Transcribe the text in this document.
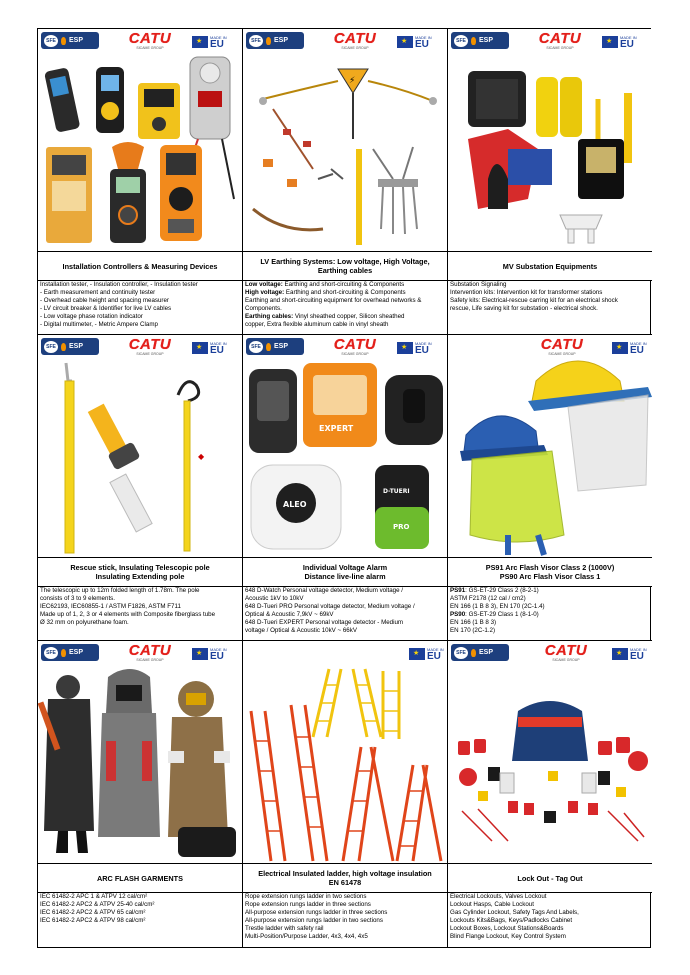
SFE	ESP	CATU
SICAME GROUP
★
MADE IN
EU
Installation Controllers & Measuring Devices
Installation tester, - Insulation controller, - Insulation tester
- Earth measurement and continuity tester
- Overhead cable height and spacing measurer
- LV circuit breaker & Identifier for live LV cables
- Low voltage phase rotation indicator
- Digital multimeter, - Metric Ampere Clamp
SFE	ESP	CATU
SICAME GROUP
★
MADE IN
EU
⚡
LV Earthing Systems: Low voltage, High Voltage,
Earthing cables
Low voltage: Earthing and short-circuiting & Components
High voltage: Earthing and short-circuiting & Components
Earthing and short-circuiting equipment for overhead networks &
Components.
Earthing cables: Vinyl sheathed copper, Silicon sheathed
copper, Extra flexible aluminum cable in vinyl sheath
SFE	ESP	CATU
SICAME GROUP
★
MADE IN
EU
MV Substation Equipments
Substation Signaling
Intervention kits: Intervention kit for transformer stations
Safety kits: Electrical-rescue carring kit for an electrical shock
rescue, Life saving kit for substation - electrical shock.
SFE	ESP	CATU
SICAME GROUP
★
MADE IN
EU
◆
Rescue stick, Insulating Telescopic pole
Insulating Extending pole
The telescopic up to 12m folded length of 1.78m. The pole
consists of 3 to 9 elements.
IEC62193, IEC60855-1 / ASTM F1826, ASTM F711
Made up of 1, 2, 3 or 4 elements with Composite fiberglass tube
Ø 32 mm on polyurethane foam.
SFE	ESP	CATU
SICAME GROUP
★
MADE IN
EU
EXPERT
ALEO
D-TUERI
PRO
Individual Voltage Alarm
Distance live-line alarm
648 D-Watch Personal voltage detector, Medium voltage /
Acoustic 1kV to 10kV
648 D-Tueri PRO Personal voltage detector, Medium voltage /
Optical & Acoustic 7,9kV ~ 69kV
648 D-Tueri EXPERT Personal voltage detector - Medium
voltage / Optical & Acoustic 10kV ~ 66kV
CATU
SICAME GROUP
★
MADE IN
EU
PS91 Arc Flash Visor Class 2 (1000V)
PS90 Arc Flash Visor Class 1
PS91: GS-ET-29 Class 2 (8-2-1)
ASTM F2178 (12 cal / cm2)
EN 166 (1 B 8 3), EN 170 (2C-1.4)
PS90: GS-ET-29 Class 1 (8-1-0)
EN 166 (1 B 8 3)
EN 170 (2C-1.2)
SFE	ESP	CATU
SICAME GROUP
★
MADE IN
EU
ARC FLASH GARMENTS
IEC 61482-2 APC 1 & ATPV 12 cal/cm²
IEC 61482-2 APC2 & ATPV 25-40 cal/cm²
IEC 61482-2 APC2 & ATPV 65 cal/cm²
IEC 61482-2 APC2 & ATPV 98 cal/cm²
★
MADE IN
EU
Electrical Insulated ladder, high voltage insulation
EN 61478
Rope extension rungs ladder in two sections
Rope extension rungs ladder in three sections
All-purpose extension rungs ladder in three sections
All-purpose extension rungs ladder in two sections
Trestle ladder with safety rail
Multi-Position/Purpose Ladder, 4x3, 4x4, 4x5
SFE	ESP	CATU
SICAME GROUP
★
MADE IN
EU
Lock Out - Tag Out
Electrical Lockouts, Valves Lockout
Lockout Hasps, Cable Lockout
Gas Cylinder Lockout, Safety Tags And Labels,
Lockouts Kits&Bags, Keys/Padlocks Cabinet
Lockout Boxes, Lockout Stations&Boards
Blind Flange Lockout, Key Control System
